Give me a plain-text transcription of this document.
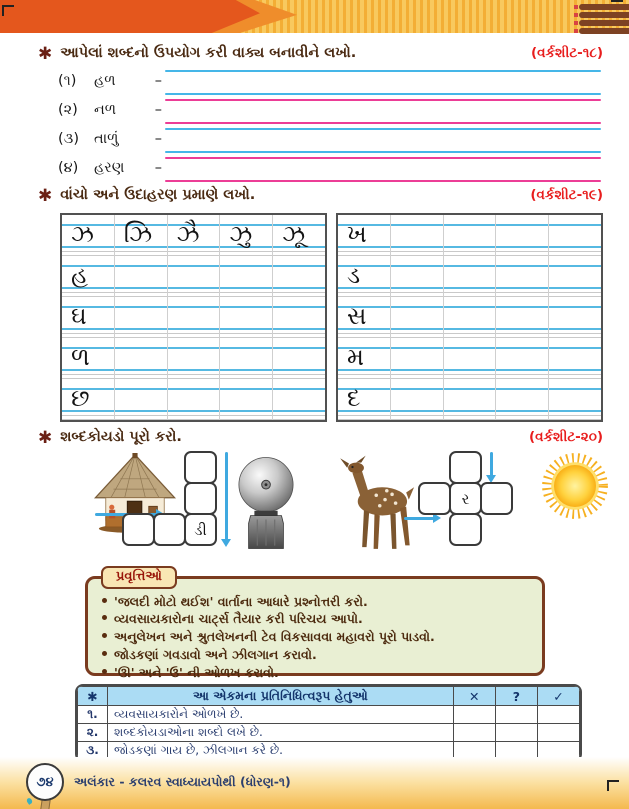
✱ આપેલાં શબ્દનો ઉપયોગ કરી વાક્ય બનાવીને લખો.	(વર્કશીટ-૧૮)
(૧)	હળ	–
(૨)	નળ	–
(૩)	તાળું	–
(૪)	હરણ –
✱ વાંચો અને ઉદાહરણ પ્રમાણે લખો.	(વર્કશીટ-૧૯)
ઝ	ઝિ	ઝૈ	ઝુ	ઝૂ
હ
ઘ
ળ
છ
ખ
ડ
સ
મ
દ
✱ શબ્દકોયડો પૂરો કરો.	(વર્કશીટ-૨૦)
ડી
ર
પ્રવૃત્તિઓ
'જલદી મોટો થઈશ' વાર્તાના આધારે પ્રશ્નોત્તરી કરો.
વ્યવસાયકારોના ચાર્ટ્સ તૈયાર કરી પરિચય આપો.
અનુલેખન અને શ્રુતલેખનની ટેવ વિકસાવવા મહાવરો પૂરો પાડવો.
જોડકણાં ગવડાવો અને ઝીલગાન કરાવો.
'ઊ' અને 'ઉ' ની ઓળખ કરાવો.
✱	આ એકમના પ્રતિનિધિત્વરૂપ હેતુઓ	✕	?	✓
૧.	વ્યવસાયકારોને ઓળખે છે.			
૨.	શબ્દકોયડાઓના શબ્દો લખે છે.			
૩.	જોડકણાં ગાય છે, ઝીલગાન કરે છે.			
૭૪	અલંકાર - કલરવ સ્વાધ્યાયપોથી (ધોરણ-૧)
